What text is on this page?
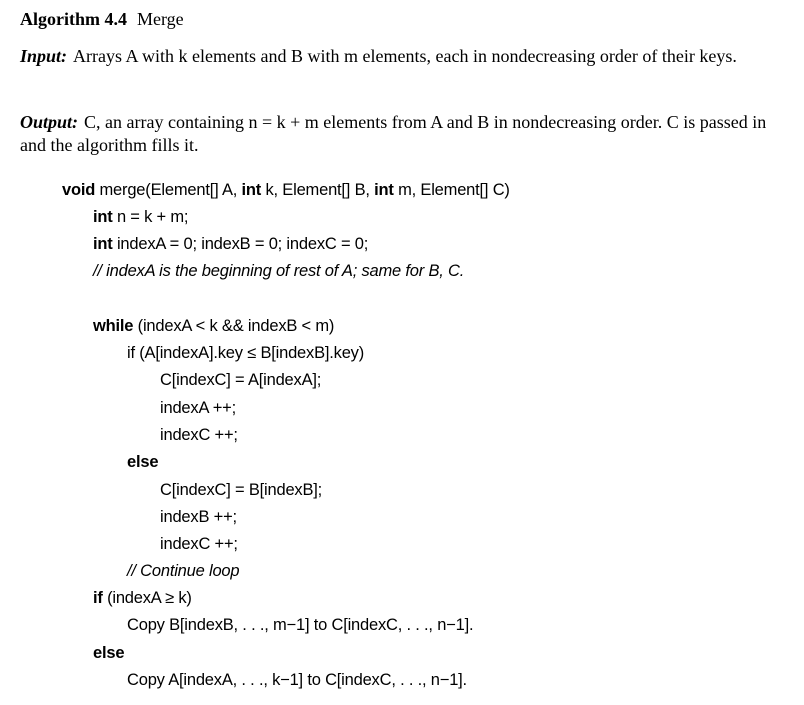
Algorithm 4.4 Merge
Input: Arrays A with k elements and B with m elements, each in nondecreasing order of their keys.
Output: C, an array containing n = k + m elements from A and B in nondecreasing order. C is passed in and the algorithm fills it.
void merge(Element[] A, int k, Element[] B, int m, Element[] C)
int n = k + m;
int indexA = 0; indexB = 0; indexC = 0;
// indexA is the beginning of rest of A; same for B, C.
while (indexA < k && indexB < m)
if (A[indexA].key ≤ B[indexB].key)
C[indexC] = A[indexA];
indexA ++;
indexC ++;
else
C[indexC] = B[indexB];
indexB ++;
indexC ++;
// Continue loop
if (indexA ≥ k)
Copy B[indexB, . . ., m−1] to C[indexC, . . ., n−1].
else
Copy A[indexA, . . ., k−1] to C[indexC, . . ., n−1].
